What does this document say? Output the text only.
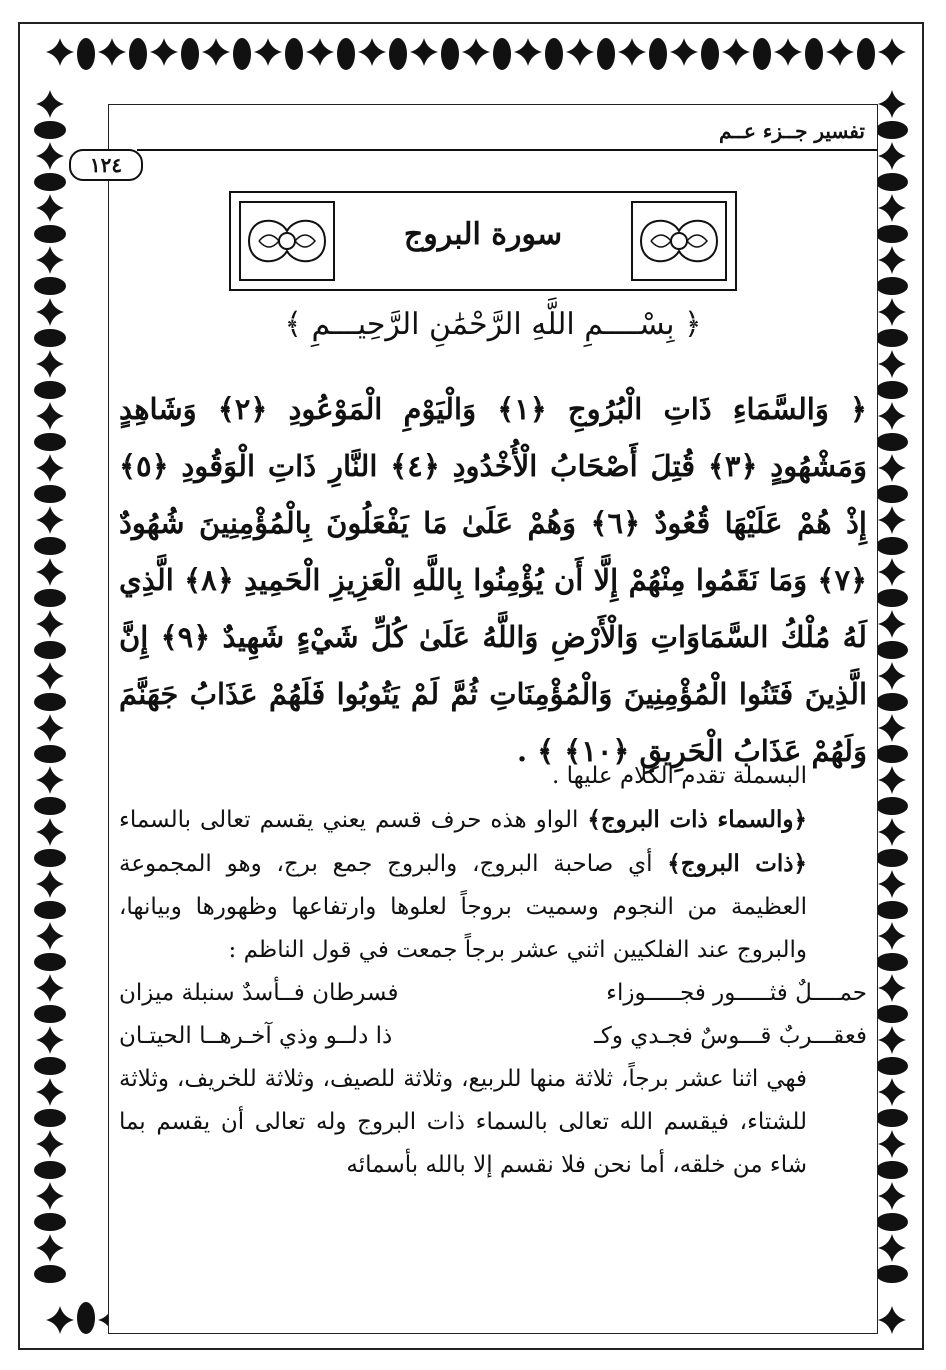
تفسير جــزء عــم
١٢٤
سورة البروج
﴿ بِسْــــمِ اللَّهِ الرَّحْمَٰنِ الرَّحِيـــمِ ﴾
﴿ وَالسَّمَاءِ ذَاتِ الْبُرُوجِ ﴿١﴾ وَالْيَوْمِ الْمَوْعُودِ ﴿٢﴾ وَشَاهِدٍ وَمَشْهُودٍ ﴿٣﴾ قُتِلَ أَصْحَابُ الْأُخْدُودِ ﴿٤﴾ النَّارِ ذَاتِ الْوَقُودِ ﴿٥﴾ إِذْ هُمْ عَلَيْهَا قُعُودٌ ﴿٦﴾ وَهُمْ عَلَىٰ مَا يَفْعَلُونَ بِالْمُؤْمِنِينَ شُهُودٌ ﴿٧﴾ وَمَا نَقَمُوا مِنْهُمْ إِلَّا أَن يُؤْمِنُوا بِاللَّهِ الْعَزِيزِ الْحَمِيدِ ﴿٨﴾ الَّذِي لَهُ مُلْكُ السَّمَاوَاتِ وَالْأَرْضِ وَاللَّهُ عَلَىٰ كُلِّ شَيْءٍ شَهِيدٌ ﴿٩﴾ إِنَّ الَّذِينَ فَتَنُوا الْمُؤْمِنِينَ وَالْمُؤْمِنَاتِ ثُمَّ لَمْ يَتُوبُوا فَلَهُمْ عَذَابُ جَهَنَّمَ وَلَهُمْ عَذَابُ الْحَرِيقِ ﴿١٠﴾ ﴾ .

البسملة تقدم الكلام عليها .

﴿والسماء ذات البروج﴾ الواو هذه حرف قسم يعني يقسم تعالى بالسماء ﴿ذات البروج﴾ أي صاحبة البروج، والبروج جمع برج، وهو المجموعة العظيمة من النجوم وسميت بروجاً لعلوها وارتفاعها وظهورها وبيانها، والبروج عند الفلكيين اثني عشر برجاً جمعت في قول الناظم :

حمــــلٌ فثـــــور فجـــــوزاء
فسرطان فــأسدٌ سنبلة ميزان
فعقـــربٌ قـــوسٌ فجـدي وكـ
ذا دلــو وذي آخـرهــا الحيتـان

فهي اثنا عشر برجاً، ثلاثة منها للربيع، وثلاثة للصيف، وثلاثة للخريف، وثلاثة للشتاء، فيقسم الله تعالى بالسماء ذات البروج وله تعالى أن يقسم بما شاء من خلقه، أما نحن فلا نقسم إلا بالله بأسمائه
